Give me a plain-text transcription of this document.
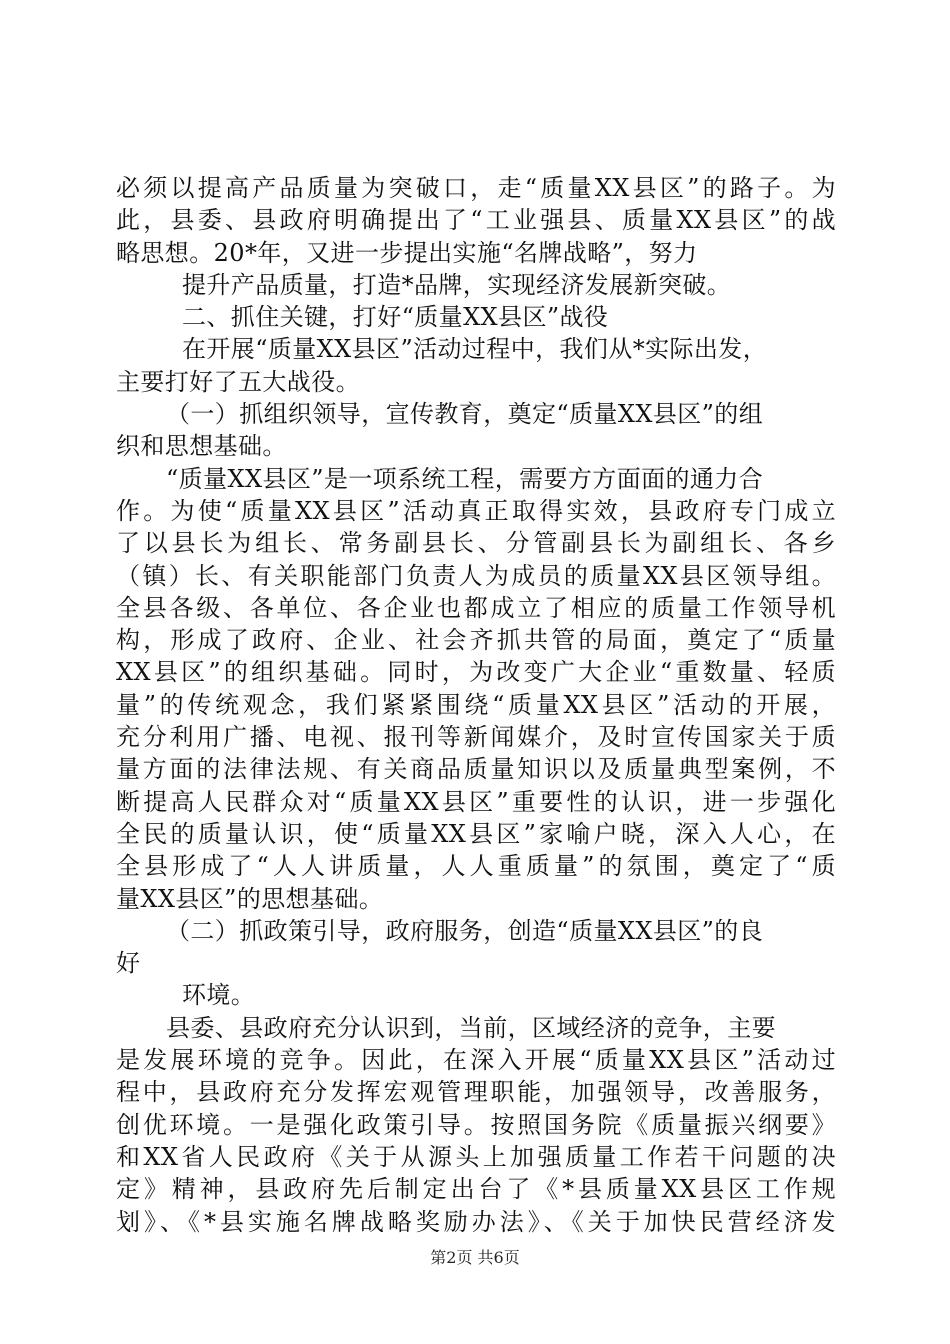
必须以提高产品质量为突破口，走“质量XX县区”的路子。为
此，县委、县政府明确提出了“工业强县、质量XX县区”的战
略思想。20*年，又进一步提出实施“名牌战略”，努力
提升产品质量，打造*品牌，实现经济发展新突破。
二、抓住关键，打好“质量XX县区”战役
在开展“质量XX县区”活动过程中，我们从*实际出发，
主要打好了五大战役。
（一）抓组织领导，宣传教育，奠定“质量XX县区”的组
织和思想基础。
“质量XX县区”是一项系统工程，需要方方面面的通力合
作。为使“质量XX县区”活动真正取得实效，县政府专门成立
了以县长为组长、常务副县长、分管副县长为副组长、各乡
（镇）长、有关职能部门负责人为成员的质量XX县区领导组。
全县各级、各单位、各企业也都成立了相应的质量工作领导机
构，形成了政府、企业、社会齐抓共管的局面，奠定了“质量
XX县区”的组织基础。同时，为改变广大企业“重数量、轻质
量”的传统观念，我们紧紧围绕“质量XX县区”活动的开展，
充分利用广播、电视、报刊等新闻媒介，及时宣传国家关于质
量方面的法律法规、有关商品质量知识以及质量典型案例，不
断提高人民群众对“质量XX县区”重要性的认识，进一步强化
全民的质量认识，使“质量XX县区”家喻户晓，深入人心，在
全县形成了“人人讲质量，人人重质量”的氛围，奠定了“质
量XX县区”的思想基础。
（二）抓政策引导，政府服务，创造“质量XX县区”的良
好
环境。
县委、县政府充分认识到，当前，区域经济的竞争，主要
是发展环境的竞争。因此，在深入开展“质量XX县区”活动过
程中，县政府充分发挥宏观管理职能，加强领导，改善服务，
创优环境。一是强化政策引导。按照国务院《质量振兴纲要》
和XX省人民政府《关于从源头上加强质量工作若干问题的决
定》精神，县政府先后制定出台了《*县质量XX县区工作规
划》、《*县实施名牌战略奖励办法》、《关于加快民营经济发
第2页 共6页
